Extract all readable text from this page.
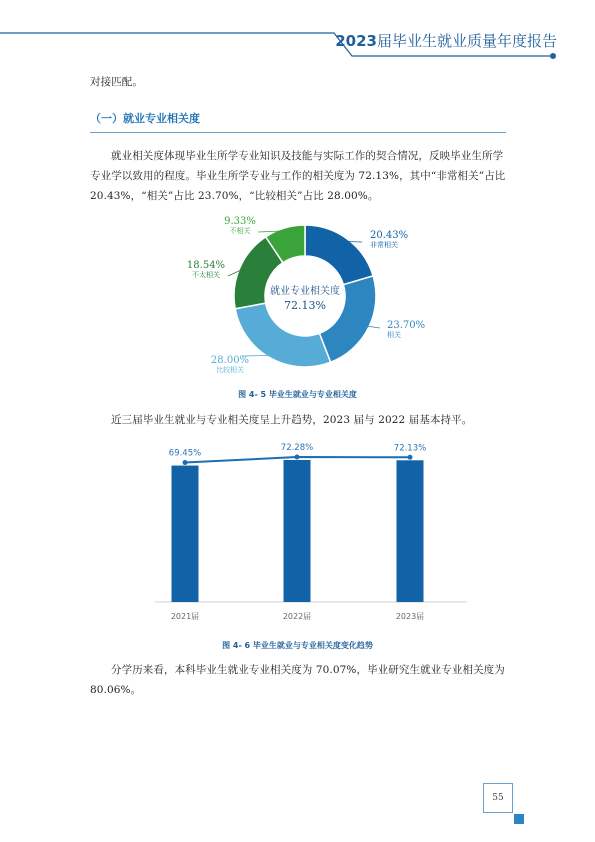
2023届毕业生就业质量年度报告
对接匹配。
（一）就业专业相关度
就业相关度体现毕业生所学专业知识及技能与实际工作的契合情况，反映毕业生所学专业学以致用的程度。毕业生所学专业与工作的相关度为 72.13%，其中“非常相关”占比 20.43%，“相关”占比 23.70%，“比较相关”占比 28.00%。
20.43%
非常相关
23.70%
相关
28.00%
比较相关
18.54%
不太相关
9.33%
不相关
就业专业相关度
72.13%
图 4- 5 毕业生就业与专业相关度
近三届毕业生就业与专业相关度呈上升趋势，2023 届与 2022 届基本持平。
2021届	2022届	2023届
69.45%
72.28%	72.13%
图 4- 6 毕业生就业与专业相关度变化趋势
分学历来看，本科毕业生就业专业相关度为 70.07%，毕业研究生就业专业相关度为 80.06%。
55
